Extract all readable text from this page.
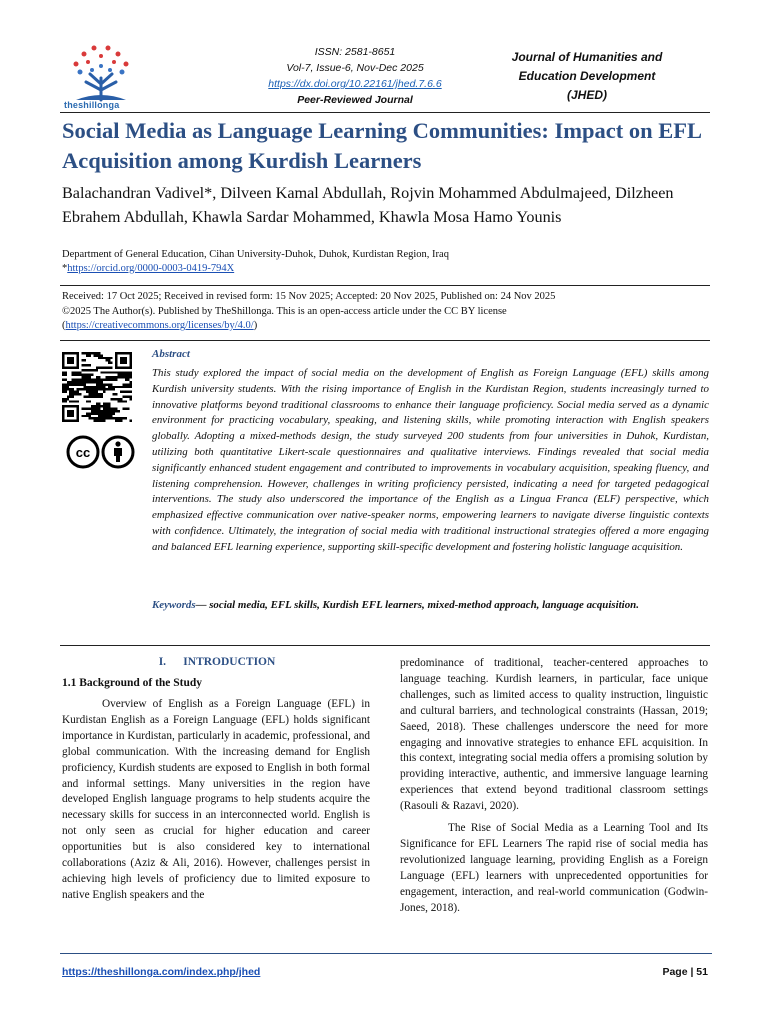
theshillonga
ISSN: 2581-8651
Vol-7, Issue-6, Nov-Dec 2025
https://dx.doi.org/10.22161/jhed.7.6.6
Peer-Reviewed Journal
Journal of Humanities and
Education Development
(JHED)
Social Media as Language Learning Communities: Impact on EFL Acquisition among Kurdish Learners
Balachandran Vadivel*, Dilveen Kamal Abdullah, Rojvin Mohammed Abdulmajeed, Dilzheen Ebrahem Abdullah, Khawla Sardar Mohammed, Khawla Mosa Hamo Younis
Department of General Education, Cihan University-Duhok, Duhok, Kurdistan Region, Iraq
*https://orcid.org/0000-0003-0419-794X
Received: 17 Oct 2025; Received in revised form: 15 Nov 2025; Accepted: 20 Nov 2025, Published on: 24 Nov 2025
©2025 The Author(s). Published by TheShillonga. This is an open-access article under the CC BY license
(https://creativecommons.org/licenses/by/4.0/)
cc
Abstract
This study explored the impact of social media on the development of English as Foreign Language (EFL) skills among Kurdish university students. With the rising importance of English in the Kurdistan Region, students increasingly turned to innovative platforms beyond traditional classrooms to enhance their language proficiency. Social media served as a dynamic environment for practicing vocabulary, speaking, and listening skills, while promoting interaction with English speakers globally. Adopting a mixed-methods design, the study surveyed 200 students from four universities in Duhok, Kurdistan, utilizing both quantitative Likert-scale questionnaires and qualitative interviews. Findings revealed that social media significantly enhanced student engagement and contributed to improvements in vocabulary acquisition, speaking fluency, and listening comprehension. However, challenges in writing proficiency persisted, indicating a need for targeted pedagogical interventions. The study also underscored the importance of the English as a Lingua Franca (ELF) perspective, which emphasized effective communication over native-speaker norms, empowering learners to navigate diverse linguistic contexts with confidence. Ultimately, the integration of social media with traditional instructional strategies offered a more engaging and balanced EFL learning experience, supporting skill-specific development and fostering holistic language acquisition.
Keywords— social media, EFL skills, Kurdish EFL learners, mixed-method approach, language acquisition.
I. INTRODUCTION
1.1 Background of the Study
Overview of English as a Foreign Language (EFL) in Kurdistan English as a Foreign Language (EFL) holds significant importance in Kurdistan, particularly in academic, professional, and global communication. With the increasing demand for English proficiency, Kurdish students are exposed to English in both formal and informal settings. Many universities in the region have developed English language programs to help students acquire the necessary skills for success in an interconnected world. English is not only seen as crucial for higher education and career opportunities but is also considered key to international collaborations (Aziz & Ali, 2016). However, challenges persist in achieving high levels of proficiency due to limited exposure to native English speakers and the

predominance of traditional, teacher-centered approaches to language teaching. Kurdish learners, in particular, face unique challenges, such as limited access to quality instruction, linguistic and cultural barriers, and technological constraints (Hassan, 2019; Saeed, 2018). These challenges underscore the need for more engaging and innovative strategies to enhance EFL acquisition. In this context, integrating social media offers a promising solution by providing interactive, authentic, and immersive language learning experiences that extend beyond traditional classroom settings (Rasouli & Razavi, 2020).

The Rise of Social Media as a Learning Tool and Its Significance for EFL Learners The rapid rise of social media has revolutionized language learning, providing English as a Foreign Language (EFL) learners with unprecedented opportunities for engagement, interaction, and real-world communication (Godwin-Jones, 2018).

https://theshillonga.com/index.php/jhed	Page | 51
